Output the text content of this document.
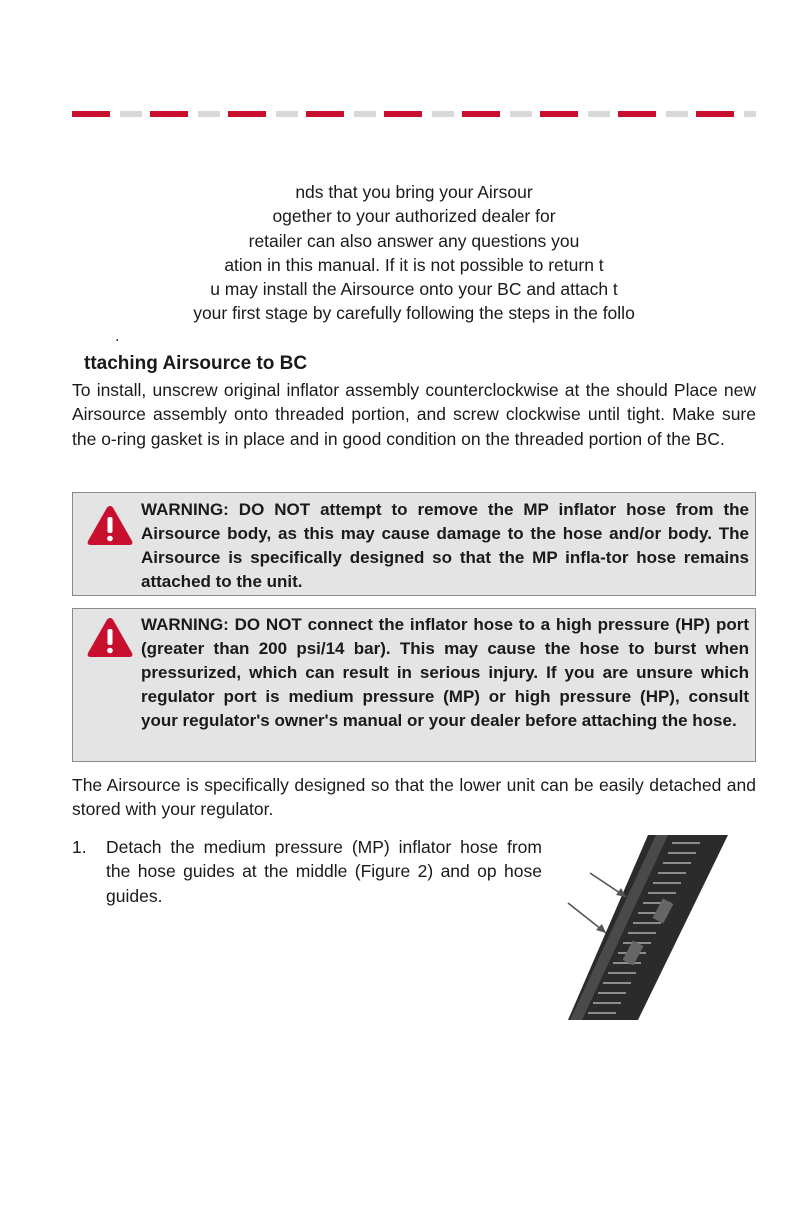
nds that you bring your Airsour
ogether to your authorized dealer for
retailer can also answer any questions you
ation in this manual. If it is not possible to return t
u may install the Airsource onto your BC and attach t
your first stage by carefully following the steps in the follo
.
ttaching Airsource to BC
To install, unscrew original inflator assembly counterclockwise at the should Place new Airsource assembly onto threaded portion, and screw clockwise until tight. Make sure the o-ring gasket is in place and in good condition on the threaded portion of the BC.
WARNING: DO NOT attempt to remove the MP inflator hose from the Airsource body, as this may cause damage to the hose and/or body. The Airsource is specifically designed so that the MP infla-tor hose remains attached to the unit.
WARNING: DO NOT connect the inflator hose to a high pressure (HP) port (greater than 200 psi/14 bar). This may cause the hose to burst when pressurized, which can result in serious injury. If you are unsure which regulator port is medium pressure (MP) or high pressure (HP), consult your regulator's owner's manual or your dealer before attaching the hose.
The Airsource is specifically designed so that the lower unit can be easily detached and stored with your regulator.
1. Detach the medium pressure (MP) inflator hose from the hose guides at the middle (Figure 2) and op hose guides.
